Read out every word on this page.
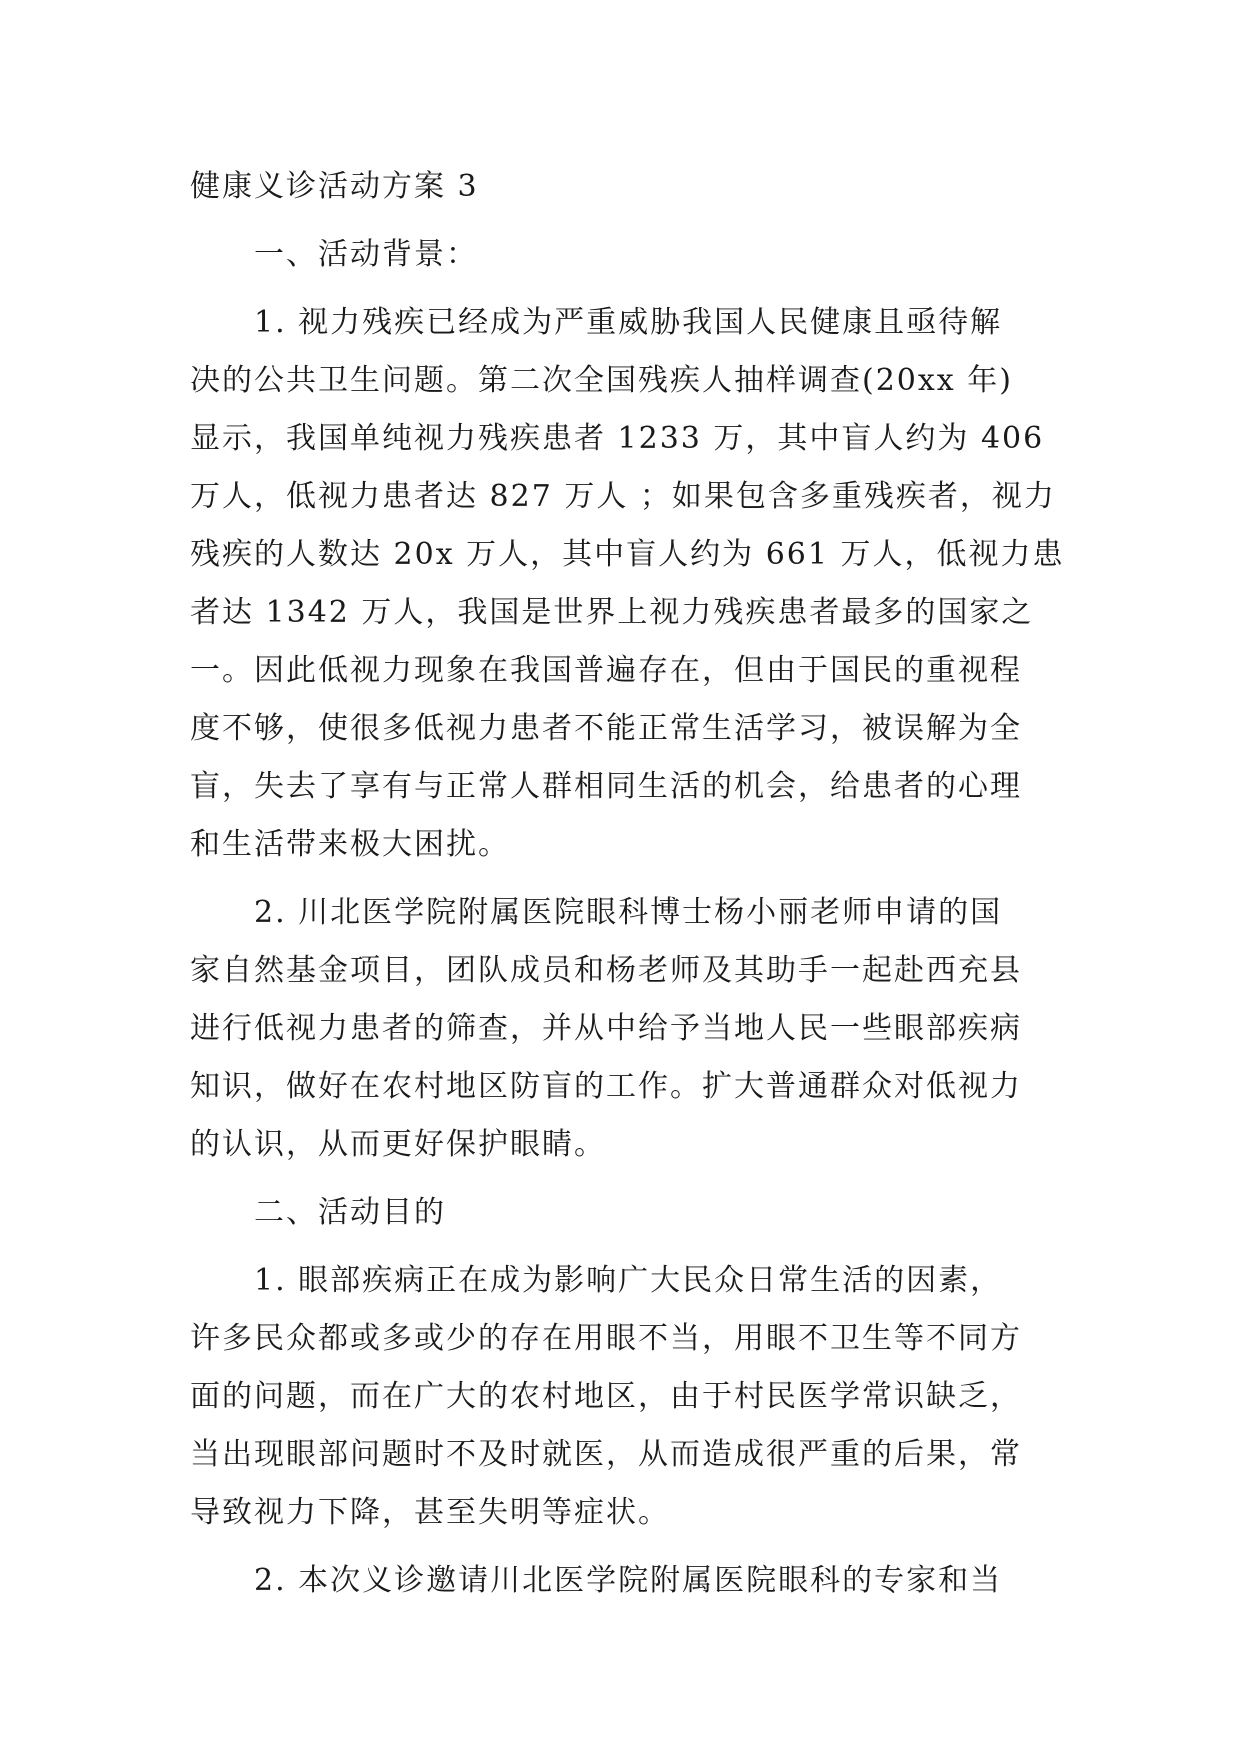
健康义诊活动方案 3

一、活动背景：

1. 视力残疾已经成为严重威胁我国人民健康且亟待解
决的公共卫生问题。第二次全国残疾人抽样调查(20xx 年)
显示，我国单纯视力残疾患者 1233 万，其中盲人约为 406
万人，低视力患者达 827 万人 ；如果包含多重残疾者，视力
残疾的人数达 20x 万人，其中盲人约为 661 万人，低视力患
者达 1342 万人，我国是世界上视力残疾患者最多的国家之
一。因此低视力现象在我国普遍存在，但由于国民的重视程
度不够，使很多低视力患者不能正常生活学习，被误解为全
盲，失去了享有与正常人群相同生活的机会，给患者的心理
和生活带来极大困扰。

2. 川北医学院附属医院眼科博士杨小丽老师申请的国
家自然基金项目，团队成员和杨老师及其助手一起赴西充县
进行低视力患者的筛查，并从中给予当地人民一些眼部疾病
知识，做好在农村地区防盲的工作。扩大普通群众对低视力
的认识，从而更好保护眼睛。

二、活动目的

1. 眼部疾病正在成为影响广大民众日常生活的因素，
许多民众都或多或少的存在用眼不当，用眼不卫生等不同方
面的问题，而在广大的农村地区，由于村民医学常识缺乏，
当出现眼部问题时不及时就医，从而造成很严重的后果，常
导致视力下降，甚至失明等症状。

2. 本次义诊邀请川北医学院附属医院眼科的专家和当
